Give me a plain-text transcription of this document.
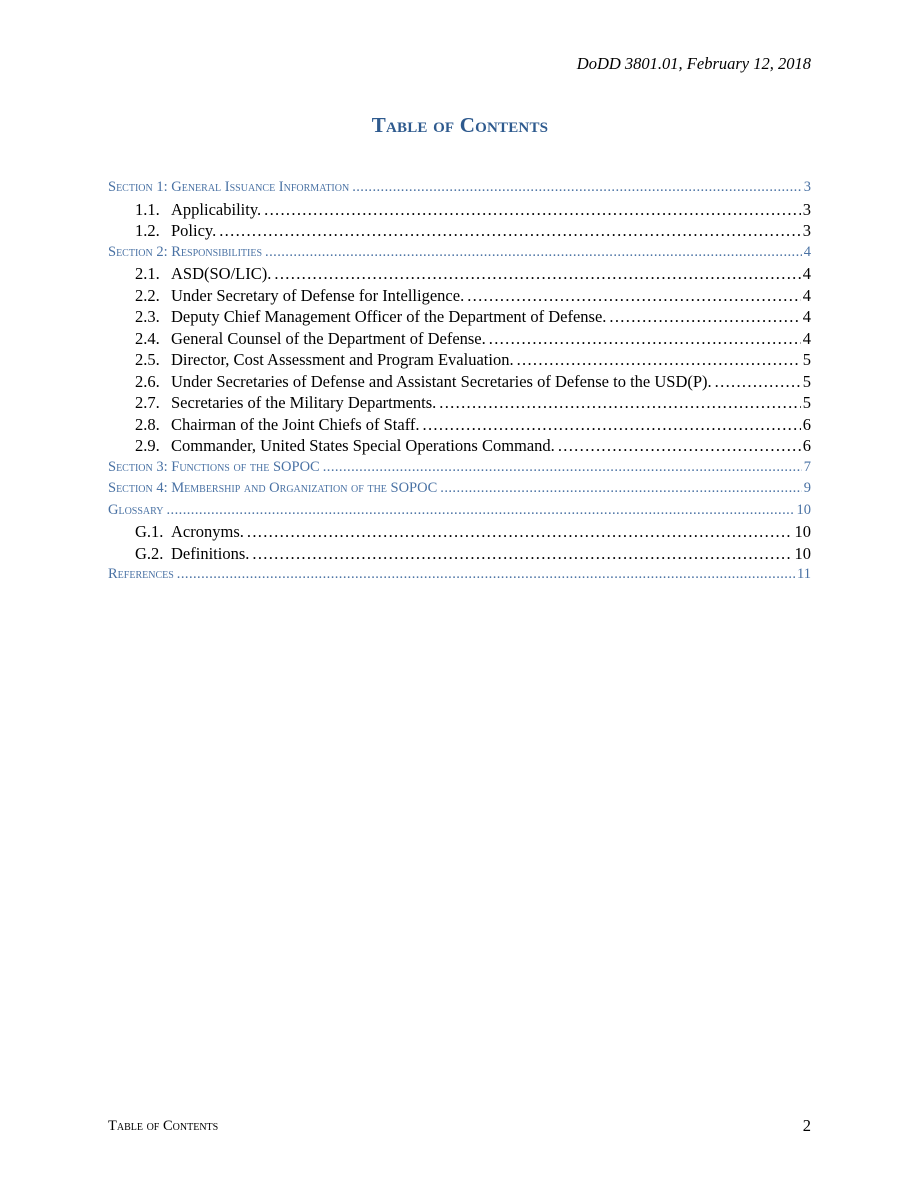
DoDD 3801.01, February 12, 2018
Table of Contents
Section 1: General Issuance Information . . .	3
1.1. Applicability. . . .	3
1.2. Policy. . . .	3
Section 2: Responsibilities . . .	4
2.1. ASD(SO/LIC). . . .	4
2.2. Under Secretary of Defense for Intelligence. . . .	4
2.3. Deputy Chief Management Officer of the Department of Defense. . . .	4
2.4. General Counsel of the Department of Defense. . . .	4
2.5. Director, Cost Assessment and Program Evaluation. . . .	5
2.6. Under Secretaries of Defense and Assistant Secretaries of Defense to the USD(P). . . .	5
2.7. Secretaries of the Military Departments. . . .	5
2.8. Chairman of the Joint Chiefs of Staff. . . .	6
2.9. Commander, United States Special Operations Command. . . .	6
Section 3: Functions of the SOPOC . . .	7
Section 4: Membership and Organization of the SOPOC . . .	9
Glossary . . .	10
G.1. Acronyms. . . .	10
G.2. Definitions. . . .	10
References . . .	11
Table of Contents	2
